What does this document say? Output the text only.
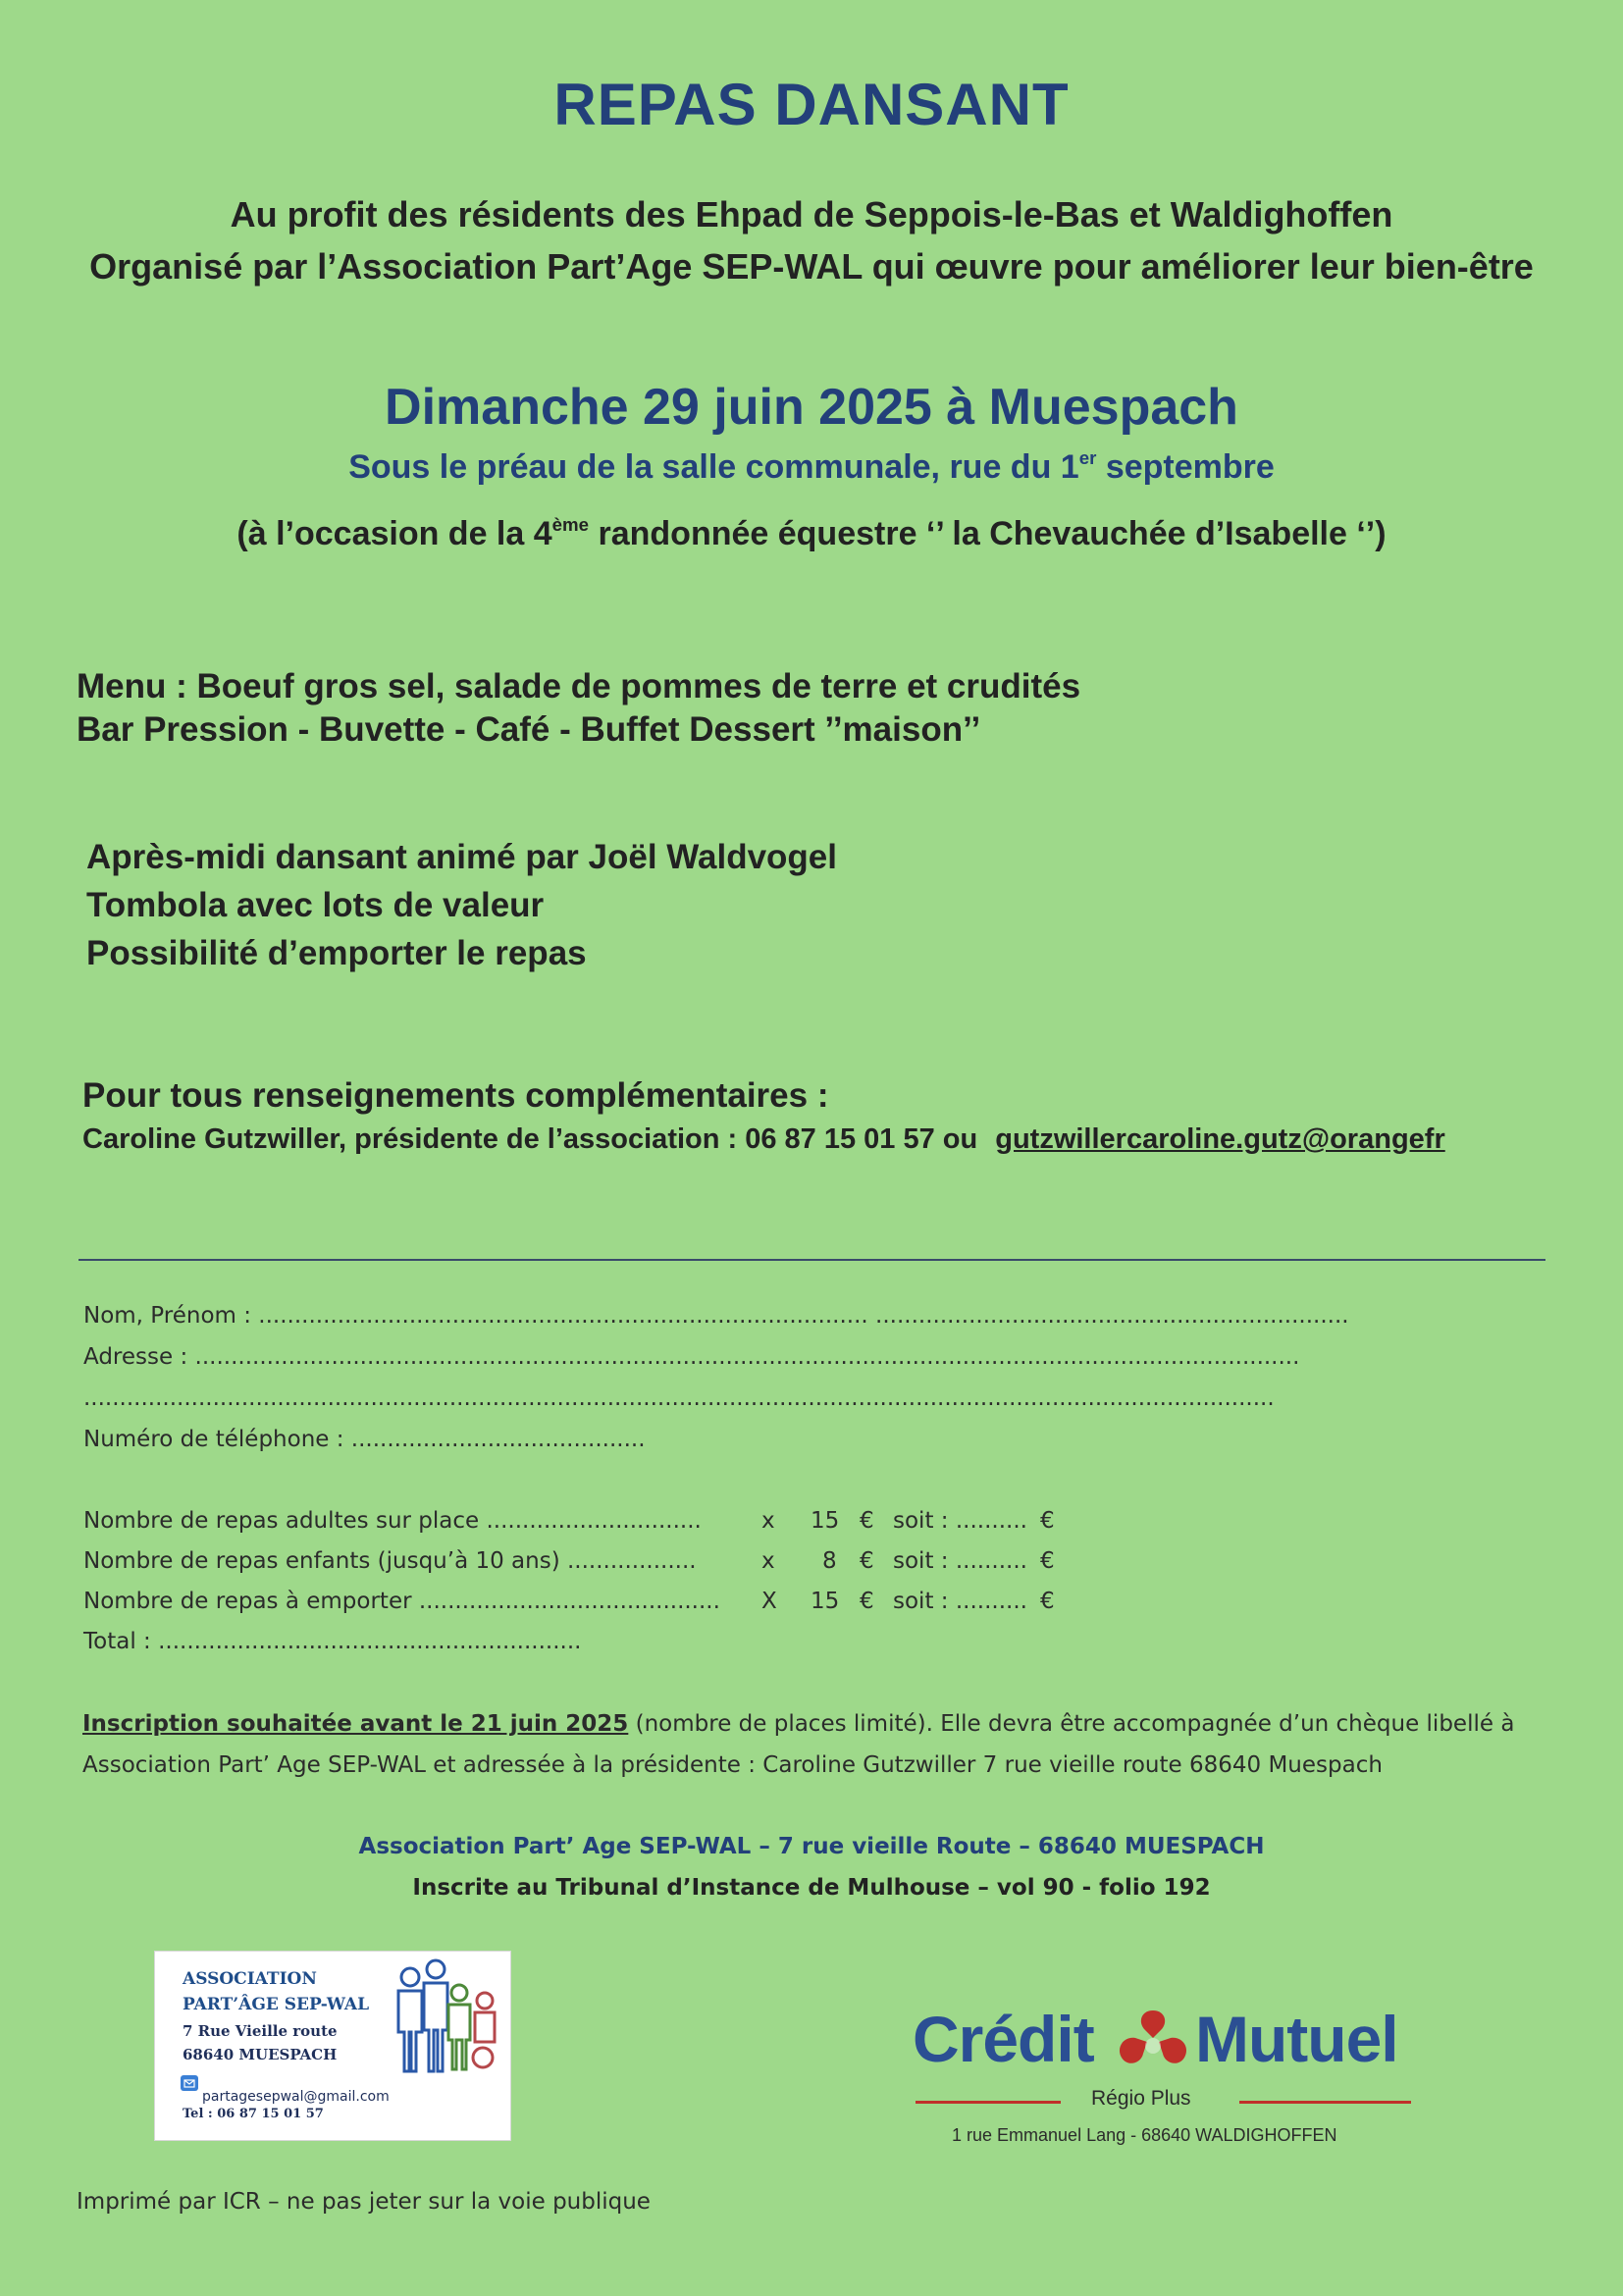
REPAS DANSANT
Au profit des résidents des Ehpad de Seppois-le-Bas et Waldighoffen
Organisé par l’Association Part’Age SEP-WAL qui œuvre pour améliorer leur bien-être
Dimanche 29 juin 2025 à Muespach
Sous le préau de la salle communale, rue du 1er septembre
(à l’occasion de la 4ème randonnée équestre ‘’ la Chevauchée d’Isabelle ‘’)
Menu : Boeuf gros sel, salade de pommes de terre et crudités
Bar Pression - Buvette - Café - Buffet Dessert ’’maison’’
Après-midi dansant animé par Joël Waldvogel
Tombola avec lots de valeur
Possibilité d’emporter le repas
Pour tous renseignements complémentaires :
Caroline Gutzwiller, présidente de l’association : 06 87 15 01 57 ou gutzwillercaroline.gutz@orangefr
Nom, Prénom : ..................................................................................... ..................................................................
Adresse : ..........................................................................................................................................................
......................................................................................................................................................................
Numéro de téléphone : .........................................
Nombre de repas adultes sur place ..............................	x 15 € soit : .......... €
Nombre de repas enfants (jusqu’à 10 ans) ..................	x 8 € soit : .......... €
Nombre de repas à emporter .......................................... X 15 € soit : .......... €
Total : ...........................................................
Inscription souhaitée avant le 21 juin 2025 (nombre de places limité). Elle devra être accompagnée d’un chèque libellé à
Association Part’ Age SEP-WAL et adressée à la présidente : Caroline Gutzwiller 7 rue vieille route 68640 Muespach
Association Part’ Age SEP-WAL – 7 rue vieille Route – 68640 MUESPACH
Inscrite au Tribunal d’Instance de Mulhouse – vol 90 - folio 192
ASSOCIATION
PART’ÂGE SEP-WAL
7 Rue Vieille route
68640 MUESPACH
partagesepwal@gmail.com
Tel : 06 87 15 01 57
Crédit Mutuel
Régio Plus
1 rue Emmanuel Lang - 68640 WALDIGHOFFEN
Imprimé par ICR – ne pas jeter sur la voie publique
